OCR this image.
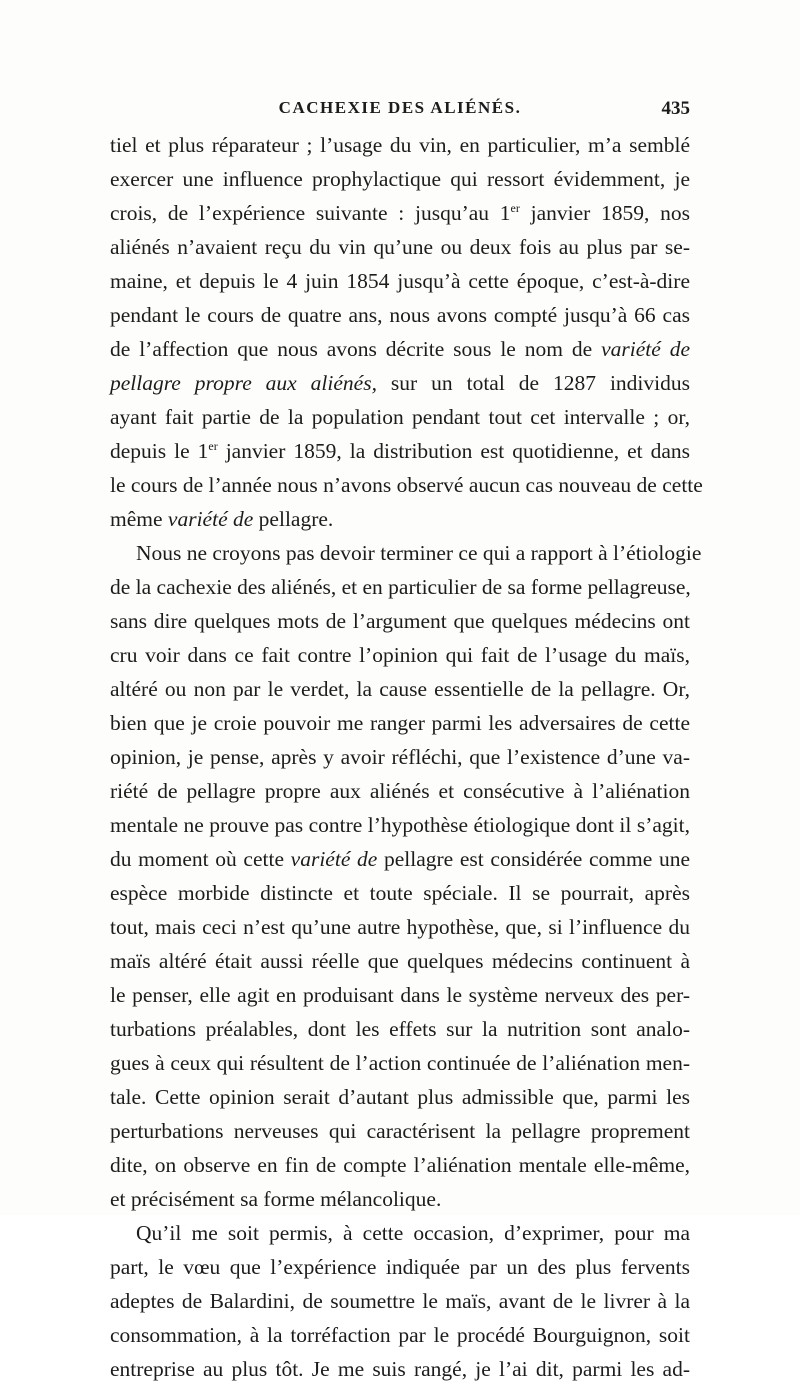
CACHEXIE DES ALIÉNÉS.	435
tiel et plus réparateur ; l’usage du vin, en particulier, m’a semblé
exercer une influence prophylactique qui ressort évidemment, je
crois, de l’expérience suivante : jusqu’au 1er janvier 1859, nos
aliénés n’avaient reçu du vin qu’une ou deux fois au plus par se-
maine, et depuis le 4 juin 1854 jusqu’à cette époque, c’est-à-dire
pendant le cours de quatre ans, nous avons compté jusqu’à 66 cas
de l’affection que nous avons décrite sous le nom de variété de
pellagre propre aux aliénés, sur un total de 1287 individus
ayant fait partie de la population pendant tout cet intervalle ; or,
depuis le 1er janvier 1859, la distribution est quotidienne, et dans
le cours de l’année nous n’avons observé aucun cas nouveau de cette
même variété de pellagre.
Nous ne croyons pas devoir terminer ce qui a rapport à l’étiologie
de la cachexie des aliénés, et en particulier de sa forme pellagreuse,
sans dire quelques mots de l’argument que quelques médecins ont
cru voir dans ce fait contre l’opinion qui fait de l’usage du maïs,
altéré ou non par le verdet, la cause essentielle de la pellagre. Or,
bien que je croie pouvoir me ranger parmi les adversaires de cette
opinion, je pense, après y avoir réfléchi, que l’existence d’une va-
riété de pellagre propre aux aliénés et consécutive à l’aliénation
mentale ne prouve pas contre l’hypothèse étiologique dont il s’agit,
du moment où cette variété de pellagre est considérée comme une
espèce morbide distincte et toute spéciale. Il se pourrait, après
tout, mais ceci n’est qu’une autre hypothèse, que, si l’influence du
maïs altéré était aussi réelle que quelques médecins continuent à
le penser, elle agit en produisant dans le système nerveux des per-
turbations préalables, dont les effets sur la nutrition sont analo-
gues à ceux qui résultent de l’action continuée de l’aliénation men-
tale. Cette opinion serait d’autant plus admissible que, parmi les
perturbations nerveuses qui caractérisent la pellagre proprement
dite, on observe en fin de compte l’aliénation mentale elle-même,
et précisément sa forme mélancolique.
Qu’il me soit permis, à cette occasion, d’exprimer, pour ma
part, le vœu que l’expérience indiquée par un des plus fervents
adeptes de Balardini, de soumettre le maïs, avant de le livrer à la
consommation, à la torréfaction par le procédé Bourguignon, soit
entreprise au plus tôt. Je me suis rangé, je l’ai dit, parmi les ad-
